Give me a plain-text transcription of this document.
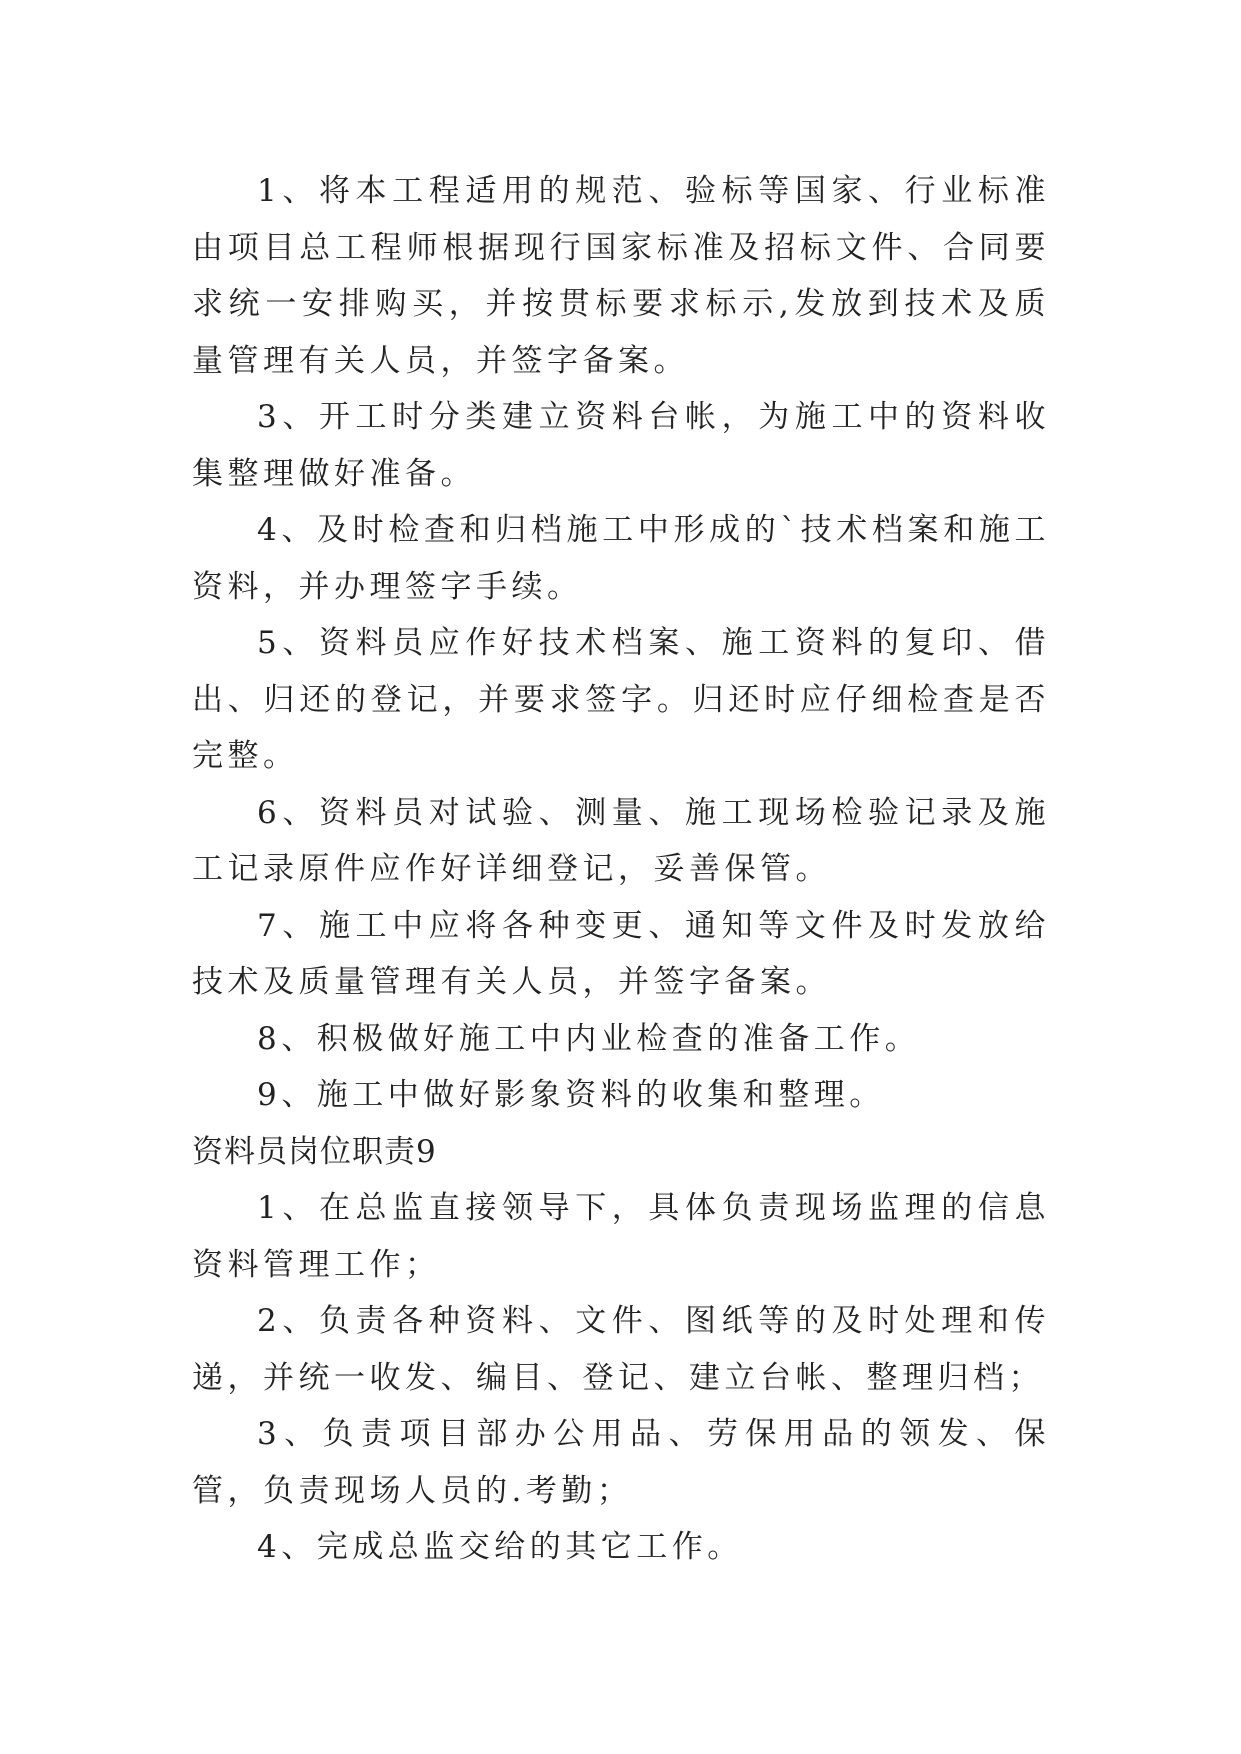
1、将本工程适用的规范、验标等国家、行业标准由项目总工程师根据现行国家标准及招标文件、合同要求统一安排购买，并按贯标要求标示,发放到技术及质量管理有关人员，并签字备案。

3、开工时分类建立资料台帐，为施工中的资料收集整理做好准备。

4、及时检查和归档施工中形成的`技术档案和施工资料，并办理签字手续。

5、资料员应作好技术档案、施工资料的复印、借出、归还的登记，并要求签字。归还时应仔细检查是否完整。

6、资料员对试验、测量、施工现场检验记录及施工记录原件应作好详细登记，妥善保管。

7、施工中应将各种变更、通知等文件及时发放给技术及质量管理有关人员，并签字备案。

8、积极做好施工中内业检查的准备工作。

9、施工中做好影象资料的收集和整理。

资料员岗位职责9

1、在总监直接领导下，具体负责现场监理的信息资料管理工作；

2、负责各种资料、文件、图纸等的及时处理和传递，并统一收发、编目、登记、建立台帐、整理归档；

3、负责项目部办公用品、劳保用品的领发、保管，负责现场人员的.考勤；

4、完成总监交给的其它工作。
